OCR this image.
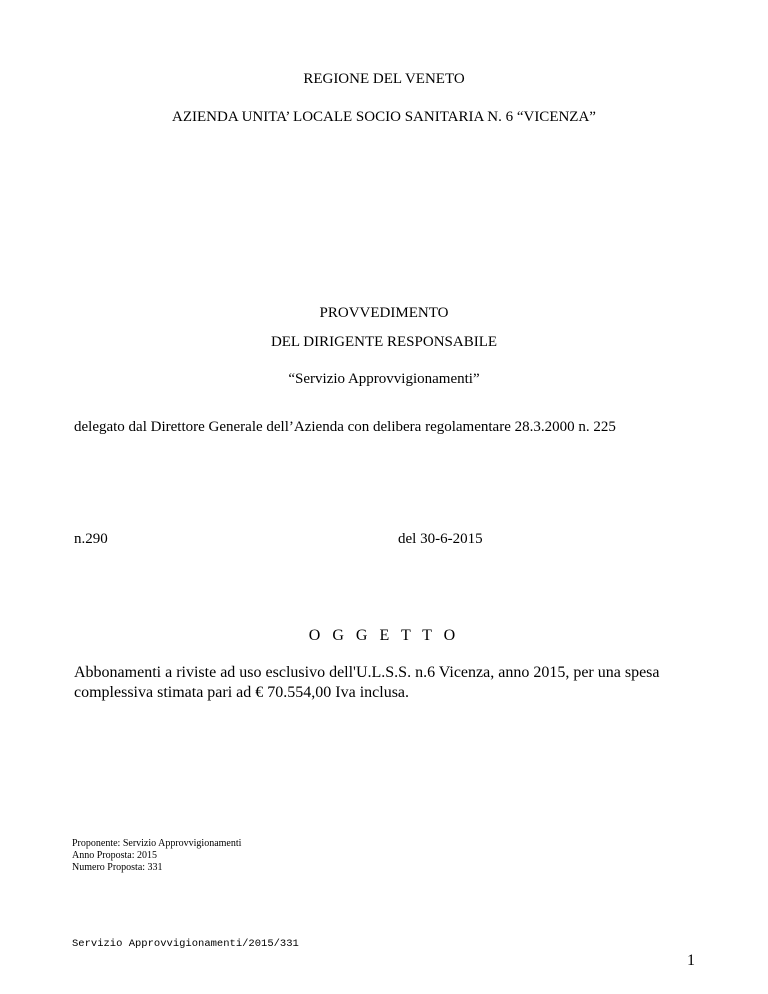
REGIONE DEL VENETO
AZIENDA UNITA’ LOCALE SOCIO SANITARIA N. 6 “VICENZA”
PROVVEDIMENTO
DEL DIRIGENTE RESPONSABILE
“Servizio Approvvigionamenti”
delegato dal Direttore Generale dell’Azienda con delibera regolamentare 28.3.2000 n. 225
n.290	del 30-6-2015
O G G E T T O
Abbonamenti a riviste ad uso esclusivo dell'U.L.S.S. n.6 Vicenza, anno 2015, per una spesa
complessiva stimata pari ad € 70.554,00 Iva inclusa.
Proponente: Servizio Approvvigionamenti
Anno Proposta: 2015
Numero Proposta: 331
Servizio Approvvigionamenti/2015/331
1
